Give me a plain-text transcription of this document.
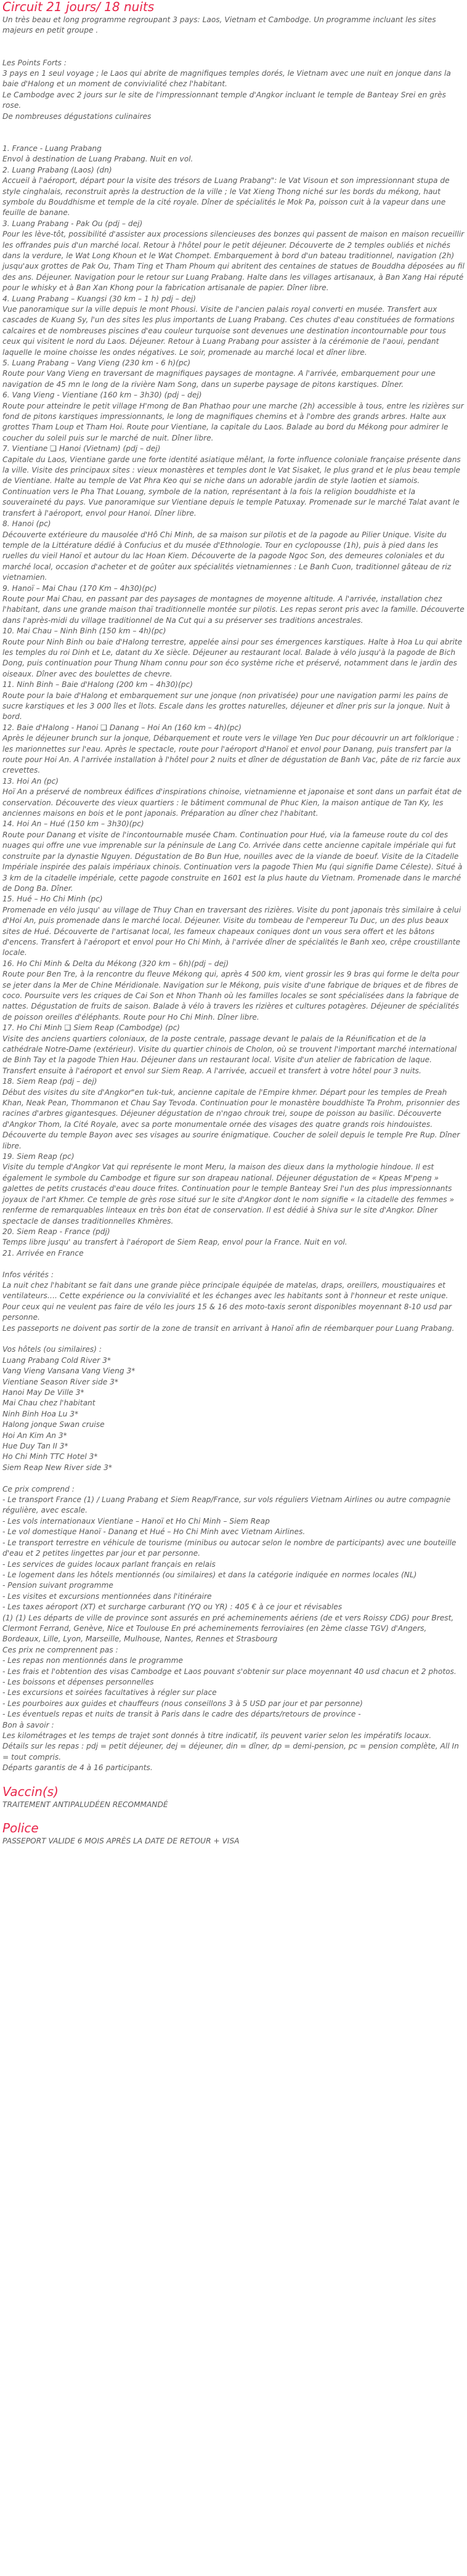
Circuit 21 jours/ 18 nuits

Un très beau et long programme regroupant 3 pays: Laos, Vietnam et Cambodge. Un programme incluant les sites majeurs en petit groupe .

Les Points Forts :
3 pays en 1 seul voyage ; le Laos qui abrite de magnifiques temples dorés, le Vietnam avec une nuit en jonque dans la baie d'Halong et un moment de convivialité chez l'habitant.
Le Cambodge avec 2 jours sur le site de l'impressionnant temple d'Angkor incluant le temple de Banteay Srei en grès rose.
De nombreuses dégustations culinaires

1. France - Luang Prabang
Envol à destination de Luang Prabang. Nuit en vol.
2. Luang Prabang (Laos) (dn)
Accueil à l'aéroport, départ pour la visite des trésors de Luang Prabang": le Vat Visoun et son impressionnant stupa de style cinghalais, reconstruit après la destruction de la ville ; le Vat Xieng Thong niché sur les bords du mékong, haut symbole du Bouddhisme et temple de la cité royale. Dîner de spécialités le Mok Pa, poisson cuit à la vapeur dans une feuille de banane.
3. Luang Prabang - Pak Ou (pdj – dej)
Pour les lève-tôt, possibilité d'assister aux processions silencieuses des bonzes qui passent de maison en maison recueillir les offrandes puis d'un marché local. Retour à l'hôtel pour le petit déjeuner. Découverte de 2 temples oubliés et nichés dans la verdure, le Wat Long Khoun et le Wat Chompet. Embarquement à bord d'un bateau traditionnel, navigation (2h) jusqu'aux grottes de Pak Ou, Tham Ting et Tham Phoum qui abritent des centaines de statues de Bouddha déposées au fil des ans. Déjeuner. Navigation pour le retour sur Luang Prabang. Halte dans les villages artisanaux, à Ban Xang Hai réputé pour le whisky et à Ban Xan Khong pour la fabrication artisanale de papier. Dîner libre.
4. Luang Prabang – Kuangsi (30 km – 1 h) pdj – dej)
Vue panoramique sur la ville depuis le mont Phousi. Visite de l'ancien palais royal converti en musée. Transfert aux cascades de Kuang Sy, l'un des sites les plus importants de Luang Prabang. Ces chutes d'eau constituées de formations calcaires et de nombreuses piscines d'eau couleur turquoise sont devenues une destination incontournable pour tous ceux qui visitent le nord du Laos. Déjeuner. Retour à Luang Prabang pour assister à la cérémonie de l'aoui, pendant laquelle le moine choisse les ondes négatives. Le soir, promenade au marché local et dîner libre.
5. Luang Prabang – Vang Vieng (230 km - 6 h)(pc)
Route pour Vang Vieng en traversant de magnifiques paysages de montagne. A l'arrivée, embarquement pour une navigation de 45 mn le long de la rivière Nam Song, dans un superbe paysage de pitons karstiques. Dîner.
6. Vang Vieng - Vientiane (160 km – 3h30) (pdj – dej)
Route pour atteindre le petit village H'mong de Ban Phathao pour une marche (2h) accessible à tous, entre les rizières sur fond de pitons karstiques impressionnants, le long de magnifiques chemins et à l'ombre des grands arbres. Halte aux grottes Tham Loup et Tham Hoi. Route pour Vientiane, la capitale du Laos. Balade au bord du Mékong pour admirer le coucher du soleil puis sur le marché de nuit. Dîner libre.
7. Vientiane ❑ Hanoi (Vietnam) (pdj – dej)
Capitale du Laos, Vientiane garde une forte identité asiatique mêlant, la forte influence coloniale française présente dans la ville. Visite des principaux sites : vieux monastères et temples dont le Vat Sisaket, le plus grand et le plus beau temple de Vientiane. Halte au temple de Vat Phra Keo qui se niche dans un adorable jardin de style laotien et siamois. Continuation vers le Pha That Louang, symbole de la nation, représentant à la fois la religion bouddhiste et la souveraineté du pays. Vue panoramique sur Vientiane depuis le temple Patuxay. Promenade sur le marché Talat avant le transfert à l'aéroport, envol pour Hanoi. Dîner libre.
8. Hanoi (pc)
Découverte extérieure du mausolée d'Hô Chi Minh, de sa maison sur pilotis et de la pagode au Pilier Unique. Visite du temple de la Littérature dédié à Confucius et du musée d'Ethnologie. Tour en cyclopousse (1h), puis à pied dans les ruelles du vieil Hanoï et autour du lac Hoan Kiem. Découverte de la pagode Ngoc Son, des demeures coloniales et du marché local, occasion d'acheter et de goûter aux spécialités vietnamiennes : Le Banh Cuon, traditionnel gâteau de riz vietnamien.
9. Hanoï – Mai Chau (170 Km – 4h30)(pc)
Route pour Mai Chau, en passant par des paysages de montagnes de moyenne altitude. A l'arrivée, installation chez l'habitant, dans une grande maison thaï traditionnelle montée sur pilotis. Les repas seront pris avec la famille. Découverte dans l'après-midi du village traditionnel de Na Cut qui a su préserver ses traditions ancestrales.
10. Mai Chau – Ninh Binh (150 km – 4h)(pc)
Route pour Ninh Binh ou baie d'Halong terrestre, appelée ainsi pour ses émergences karstiques. Halte à Hoa Lu qui abrite les temples du roi Dinh et Le, datant du Xe siècle. Déjeuner au restaurant local. Balade à vélo jusqu'à la pagode de Bich Dong, puis continuation pour Thung Nham connu pour son éco système riche et préservé, notamment dans le jardin des oiseaux. Dîner avec des boulettes de chevre.
11. Ninh Binh – Baie d'Halong (200 km – 4h30)(pc)
Route pour la baie d'Halong et embarquement sur une jonque (non privatisée) pour une navigation parmi les pains de sucre karstiques et les 3 000 îles et îlots. Escale dans les grottes naturelles, déjeuner et dîner pris sur la jonque. Nuit à bord.
12. Baie d'Halong - Hanoi ❑ Danang – Hoi An (160 km – 4h)(pc)
Après le déjeuner brunch sur la jonque, Débarquement et route vers le village Yen Duc pour découvrir un art folklorique : les marionnettes sur l'eau. Après le spectacle, route pour l'aéroport d'Hanoï et envol pour Danang, puis transfert par la route pour Hoi An. A l'arrivée installation à l'hôtel pour 2 nuits et dîner de dégustation de Banh Vac, pâte de riz farcie aux crevettes.
13. Hoi An (pc)
Hoï An a préservé de nombreux édifices d'inspirations chinoise, vietnamienne et japonaise et sont dans un parfait état de conservation. Découverte des vieux quartiers : le bâtiment communal de Phuc Kien, la maison antique de Tan Ky, les anciennes maisons en bois et le pont japonais. Préparation au dîner chez l'habitant.
14. Hoi An – Hué (150 km – 3h30)(pc)
Route pour Danang et visite de l'incontournable musée Cham. Continuation pour Hué, via la fameuse route du col des nuages qui offre une vue imprenable sur la péninsule de Lang Co. Arrivée dans cette ancienne capitale impériale qui fut construite par la dynastie Nguyen. Dégustation de Bo Bun Hue, nouilles avec de la viande de boeuf. Visite de la Citadelle Impériale inspirée des palais impériaux chinois. Continuation vers la pagode Thien Mu (qui signifie Dame Céleste). Situé à 3 km de la citadelle impériale, cette pagode construite en 1601 est la plus haute du Vietnam. Promenade dans le marché de Dong Ba. Dîner.
15. Hué – Ho Chi Minh (pc)
Promenade en vélo jusqu' au village de Thuy Chan en traversant des rizières. Visite du pont japonais très similaire à celui d'Hoi An, puis promenade dans le marché local. Déjeuner. Visite du tombeau de l'empereur Tu Duc, un des plus beaux sites de Hué. Découverte de l'artisanat local, les fameux chapeaux coniques dont un vous sera offert et les bâtons d'encens. Transfert à l'aéroport et envol pour Ho Chi Minh, à l'arrivée dîner de spécialités le Banh xeo, crêpe croustillante locale.
16. Ho Chi Minh & Delta du Mékong (320 km – 6h)(pdj – dej)
Route pour Ben Tre, à la rencontre du fleuve Mékong qui, après 4 500 km, vient grossir les 9 bras qui forme le delta pour se jeter dans la Mer de Chine Méridionale. Navigation sur le Mékong, puis visite d'une fabrique de briques et de fibres de coco. Poursuite vers les criques de Cai Son et Nhon Thanh où les familles locales se sont spécialisées dans la fabrique de nattes. Dégustation de fruits de saison. Balade à vélo à travers les rizières et cultures potagères. Déjeuner de spécialités de poisson oreilles d'éléphants. Route pour Ho Chi Minh. Dîner libre.
17. Ho Chi Minh ❑ Siem Reap (Cambodge) (pc)
Visite des anciens quartiers coloniaux, de la poste centrale, passage devant le palais de la Réunification et de la cathédrale Notre-Dame (extérieur). Visite du quartier chinois de Cholon, où se trouvent l'important marché international de Binh Tay et la pagode Thien Hau. Déjeuner dans un restaurant local. Visite d'un atelier de fabrication de laque. Transfert ensuite à l'aéroport et envol sur Siem Reap. A l'arrivée, accueil et transfert à votre hôtel pour 3 nuits.
18. Siem Reap (pdj – dej)
Début des visites du site d'Angkor"en tuk-tuk, ancienne capitale de l'Empire khmer. Départ pour les temples de Preah Khan, Neak Pean, Thommanon et Chau Say Tevoda. Continuation pour le monastère bouddhiste Ta Prohm, prisonnier des racines d'arbres gigantesques. Déjeuner dégustation de n'ngao chrouk trei, soupe de poisson au basilic. Découverte d'Angkor Thom, la Cité Royale, avec sa porte monumentale ornée des visages des quatre grands rois hindouistes. Découverte du temple Bayon avec ses visages au sourire énigmatique. Coucher de soleil depuis le temple Pre Rup. Dîner libre.
19. Siem Reap (pc)
Visite du temple d'Angkor Vat qui représente le mont Meru, la maison des dieux dans la mythologie hindoue. Il est également le symbole du Cambodge et figure sur son drapeau national. Déjeuner dégustation de « Kpeas M'peng » galettes de petits crustacés d'eau douce frites. Continuation pour le temple Banteay Srei l'un des plus impressionnants joyaux de l'art Khmer. Ce temple de grès rose situé sur le site d'Angkor dont le nom signifie « la citadelle des femmes » renferme de remarquables linteaux en très bon état de conservation. Il est dédié à Shiva sur le site d'Angkor. Dîner spectacle de danses traditionnelles Khmères.
20. Siem Reap - France (pdj)
Temps libre jusqu' au transfert à l'aéroport de Siem Reap, envol pour la France. Nuit en vol.
21. Arrivée en France

Infos vérités :
La nuit chez l'habitant se fait dans une grande pièce principale équipée de matelas, draps, oreillers, moustiquaires et ventilateurs…. Cette expérience ou la convivialité et les échanges avec les habitants sont à l'honneur et reste unique.
Pour ceux qui ne veulent pas faire de vélo les jours 15 & 16 des moto-taxis seront disponibles moyennant 8-10 usd par personne.
Les passeports ne doivent pas sortir de la zone de transit en arrivant à Hanoï afin de réembarquer pour Luang Prabang.

Vos hôtels (ou similaires) :
Luang Prabang Cold River 3*
Vang Vieng Vansana Vang Vieng 3*
Vientiane Season River side 3*
Hanoi May De Ville 3*
Mai Chau chez l'habitant
Ninh Binh Hoa Lu 3*
Halong jonque Swan cruise
Hoi An Kim An 3*
Hue Duy Tan II 3*
Ho Chi Minh TTC Hotel 3*
Siem Reap New River side 3*

Ce prix comprend :
- Le transport France (1) / Luang Prabang et Siem Reap/France, sur vols réguliers Vietnam Airlines ou autre compagnie régulière, avec escale.
- Les vols internationaux Vientiane – Hanoï et Ho Chi Minh – Siem Reap
- Le vol domestique Hanoï - Danang et Hué – Ho Chi Minh avec Vietnam Airlines.
- Le transport terrestre en véhicule de tourisme (minibus ou autocar selon le nombre de participants) avec une bouteille d'eau et 2 petites lingettes par jour et par personne.
- Les services de guides locaux parlant français en relais
- Le logement dans les hôtels mentionnés (ou similaires) et dans la catégorie indiquée en normes locales (NL)
- Pension suivant programme
- Les visites et excursions mentionnées dans l'itinéraire
- Les taxes aéroport (XT) et surcharge carburant (YQ ou YR) : 405 € à ce jour et révisables
(1) (1) Les départs de ville de province sont assurés en pré acheminements aériens (de et vers Roissy CDG) pour Brest, Clermont Ferrand, Genève, Nice et Toulouse En pré acheminements ferroviaires (en 2ème classe TGV) d'Angers, Bordeaux, Lille, Lyon, Marseille, Mulhouse, Nantes, Rennes et Strasbourg
Ces prix ne comprennent pas :
- Les repas non mentionnés dans le programme
- Les frais et l'obtention des visas Cambodge et Laos pouvant s'obtenir sur place moyennant 40 usd chacun et 2 photos.
- Les boissons et dépenses personnelles
- Les excursions et soirées facultatives à régler sur place
- Les pourboires aux guides et chauffeurs (nous conseillons 3 à 5 USD par jour et par personne)
- Les éventuels repas et nuits de transit à Paris dans le cadre des départs/retours de province -
Bon à savoir :
Les kilométrages et les temps de trajet sont donnés à titre indicatif, ils peuvent varier selon les impératifs locaux.
Détails sur les repas : pdj = petit déjeuner, dej = déjeuner, din = dîner, dp = demi-pension, pc = pension complète, All In = tout compris.
Départs garantis de 4 à 16 participants.

Vaccin(s)

TRAITEMENT ANTIPALUDÉEN RECOMMANDÉ

Police

PASSEPORT VALIDE 6 MOIS APRÈS LA DATE DE RETOUR + VISA
